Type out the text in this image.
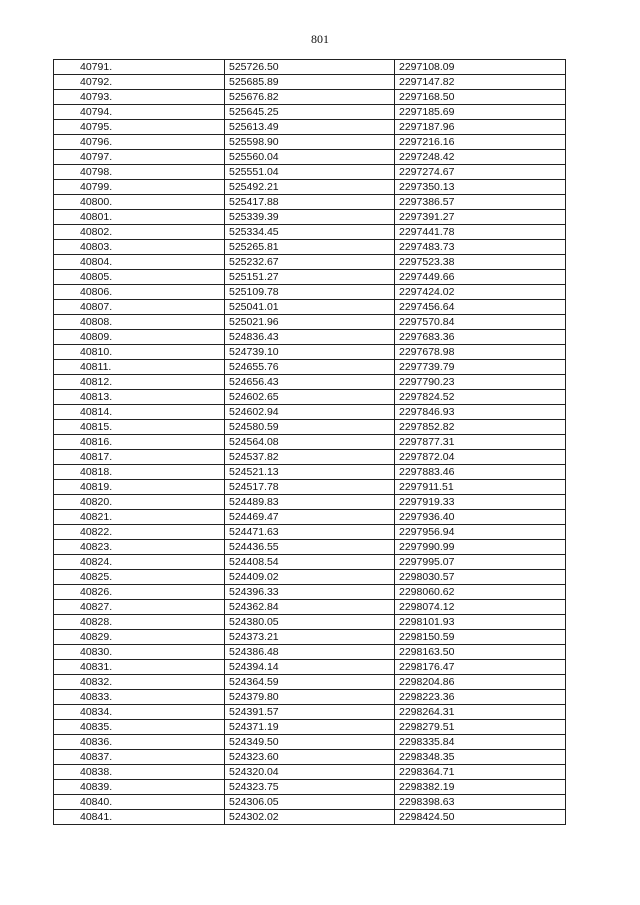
801
40791.	525726.50	2297108.09
40792.	525685.89	2297147.82
40793.	525676.82	2297168.50
40794.	525645.25	2297185.69
40795.	525613.49	2297187.96
40796.	525598.90	2297216.16
40797.	525560.04	2297248.42
40798.	525551.04	2297274.67
40799.	525492.21	2297350.13
40800.	525417.88	2297386.57
40801.	525339.39	2297391.27
40802.	525334.45	2297441.78
40803.	525265.81	2297483.73
40804.	525232.67	2297523.38
40805.	525151.27	2297449.66
40806.	525109.78	2297424.02
40807.	525041.01	2297456.64
40808.	525021.96	2297570.84
40809.	524836.43	2297683.36
40810.	524739.10	2297678.98
40811.	524655.76	2297739.79
40812.	524656.43	2297790.23
40813.	524602.65	2297824.52
40814.	524602.94	2297846.93
40815.	524580.59	2297852.82
40816.	524564.08	2297877.31
40817.	524537.82	2297872.04
40818.	524521.13	2297883.46
40819.	524517.78	2297911.51
40820.	524489.83	2297919.33
40821.	524469.47	2297936.40
40822.	524471.63	2297956.94
40823.	524436.55	2297990.99
40824.	524408.54	2297995.07
40825.	524409.02	2298030.57
40826.	524396.33	2298060.62
40827.	524362.84	2298074.12
40828.	524380.05	2298101.93
40829.	524373.21	2298150.59
40830.	524386.48	2298163.50
40831.	524394.14	2298176.47
40832.	524364.59	2298204.86
40833.	524379.80	2298223.36
40834.	524391.57	2298264.31
40835.	524371.19	2298279.51
40836.	524349.50	2298335.84
40837.	524323.60	2298348.35
40838.	524320.04	2298364.71
40839.	524323.75	2298382.19
40840.	524306.05	2298398.63
40841.	524302.02	2298424.50
